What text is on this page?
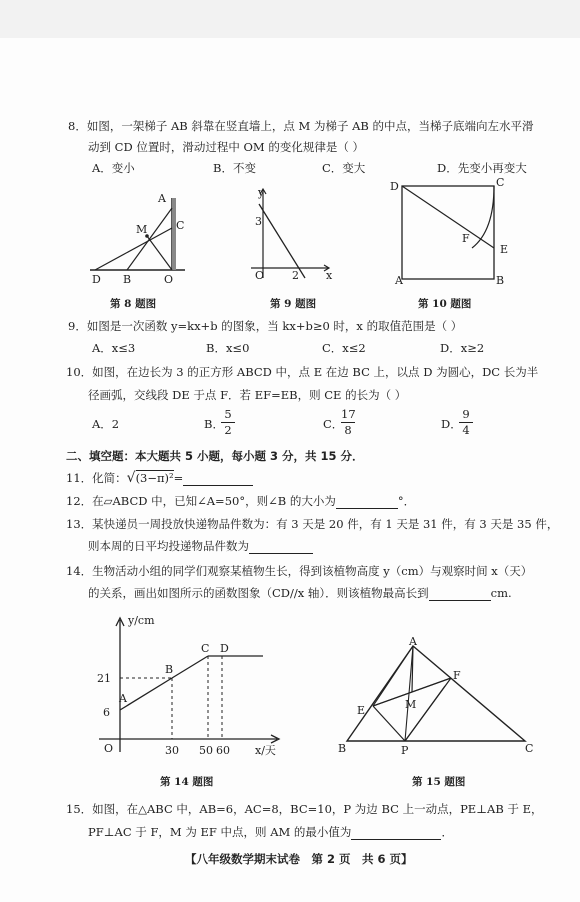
8．如图，一架梯子 AB 斜靠在竖直墙上，点 M 为梯子 AB 的中点，当梯子底端向左水平滑
动到 CD 位置时，滑动过程中 OM 的变化规律是（ ）
A．变小	B．不变	C．变大	D．先变小再变大
A
M	C
D B	O
第 8 题图
y
3
O	2 x
第 9 题图
D	C
F
E
A	B
第 10 题图
9．如图是一次函数 y=kx+b 的图象，当 kx+b≥0 时，x 的取值范围是（ ）
A．x≤3	B．x≤0	C．x≤2	D．x≥2
10．如图，在边长为 3 的正方形 ABCD 中，点 E 在边 BC 上，以点 D 为圆心，DC 长为半
径画弧，交线段 DE 于点 F．若 EF=EB，则 CE 的长为（ ）
A．2	B．
5
2	C．
17
8	D．
9
4
二、填空题：本大题共 5 小题，每小题 3 分，共 15 分．
11．化简：√(3−π)²=
12．在▱ABCD 中，已知∠A=50°，则∠B 的大小为	°．
13．某快递员一周投放快递物品件数为：有 3 天是 20 件，有 1 天是 31 件，有 3 天是 35 件，
则本周的日平均投递物品件数为
14．生物活动小组的同学们观察某植物生长，得到该植物高度 y（cm）与观察时间 x（天）
的关系，画出如图所示的函数图象（CD//x 轴）．则该植物最高长到	cm.
y/cm
C D
B
A
21
6
O	30 50 60 x/天
第 14 题图
A
F
E	M
B	P	C
第 15 题图
15．如图，在△ABC 中，AB=6，AC=8，BC=10，P 为边 BC 上一动点，PE⊥AB 于 E，
PF⊥AC 于 F，M 为 EF 中点，则 AM 的最小值为	．
【八年级数学期末试卷　第 2 页　共 6 页】
